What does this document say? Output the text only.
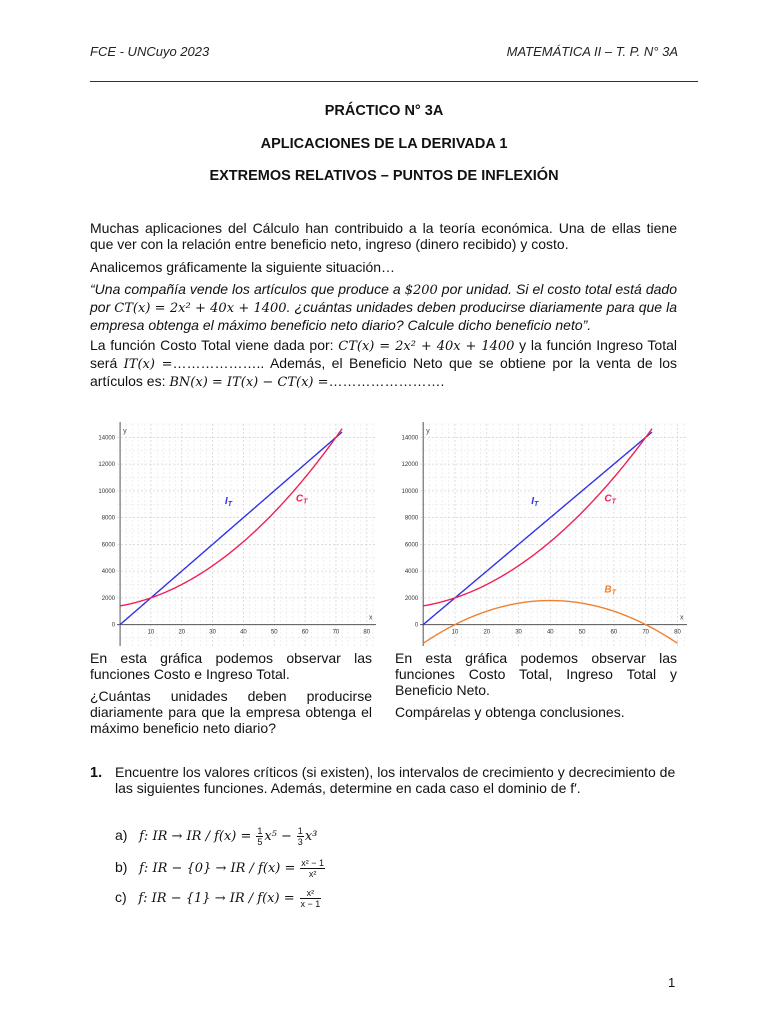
FCE - UNCuyo 2023	MATEMÁTICA II – T. P. N° 3A
PRÁCTICO N° 3A
APLICACIONES DE LA DERIVADA 1
EXTREMOS RELATIVOS – PUNTOS DE INFLEXIÓN
Muchas aplicaciones del Cálculo han contribuido a la teoría económica. Una de ellas tiene que ver con la relación entre beneficio neto, ingreso (dinero recibido) y costo.
Analicemos gráficamente la siguiente situación…
“Una compañía vende los artículos que produce a $200 por unidad. Si el costo total está dado por CT(x) = 2x² + 40x + 1400. ¿cuántas unidades deben producirse diariamente para que la empresa obtenga el máximo beneficio neto diario? Calcule dicho beneficio neto”.
La función Costo Total viene dada por: CT(x) = 2x² + 40x + 1400 y la función Ingreso Total será IT(x) =……………….. Además, el Beneficio Neto que se obtiene por la venta de los artículos es: BN(x) = IT(x) − CT(x) =…………………….
y
x
10	20	30	40	50	60	70	80
0
2000
4000
6000
8000
10000
12000
14000
$I_T$
$C_T$
y
x
10	20	30	40	50	60	70	80
0
2000
4000
6000
8000
10000
12000
14000
$I_T$
$C_T$
$B_T$

En esta gráfica podemos observar las funciones Costo e Ingreso Total.

¿Cuántas unidades deben producirse diariamente para que la empresa obtenga el máximo beneficio neto diario?

En esta gráfica podemos observar las funciones Costo Total, Ingreso Total y Beneficio Neto.

Compárelas y obtenga conclusiones.

1. Encuentre los valores críticos (si existen), los intervalos de crecimiento y decrecimiento de las siguientes funciones. Además, determine en cada caso el dominio de f′.
a) f: IR → IR / $f(x) = \frac{1}{5} x^5 - \frac{1}{3} x^3$
b) f: IR − {0} → IR / $f(x) = \frac{\text{x² − 1}}{\text{x²}}$
c) f: IR − {1} → IR / $f(x) = \frac{\text{x²}}{x - 1}$
1
